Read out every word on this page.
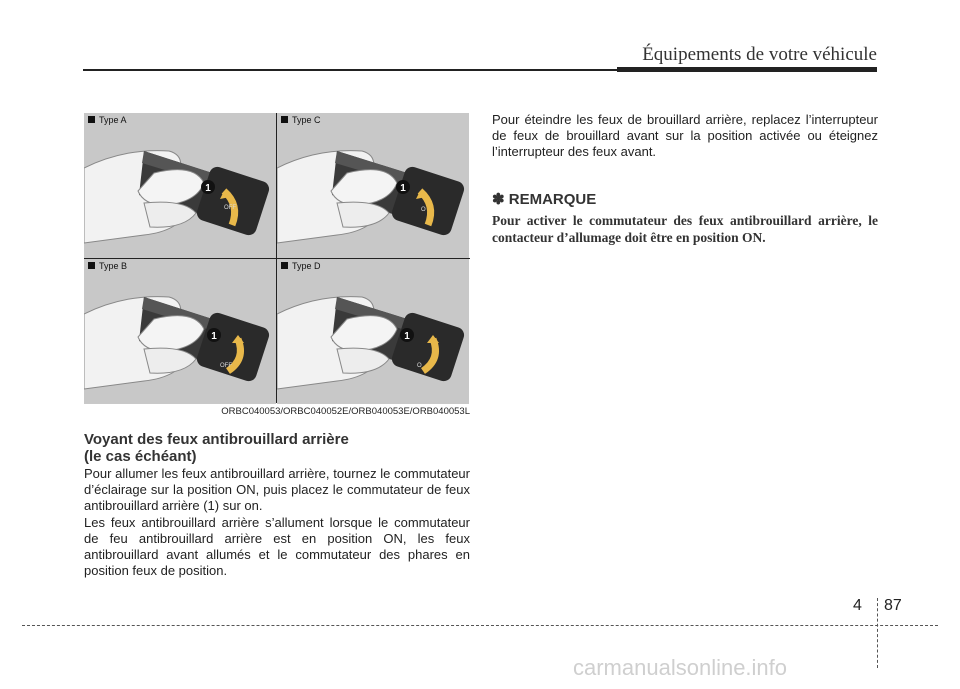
Équipements de votre véhicule
Type A
1
OFF
Type C
1
O
Type B
1
OFF
Type D
1
O
ORBC040053/ORBC040052E/ORB040053E/ORB040053L
Voyant des feux antibrouillard arrière
(le cas échéant)
Pour allumer les feux antibrouillard arrière, tournez le commutateur d’éclairage sur la position ON, puis placez le commutateur de feux antibrouillard arrière (1) sur on.
Les feux antibrouillard arrière s’allument lorsque le commutateur de feu antibrouillard arrière est en position ON, les feux antibrouillard avant allumés et le commutateur des phares en position feux de position.
Pour éteindre les feux de brouillard arrière, replacez l’interrupteur de feux de brouillard avant sur la position activée ou éteignez l’interrupteur des feux avant.
✽ REMARQUE
Pour activer le commutateur des feux antibrouillard arrière, le contacteur d’allumage doit être en position ON.
4 87
carmanualsonline.info
